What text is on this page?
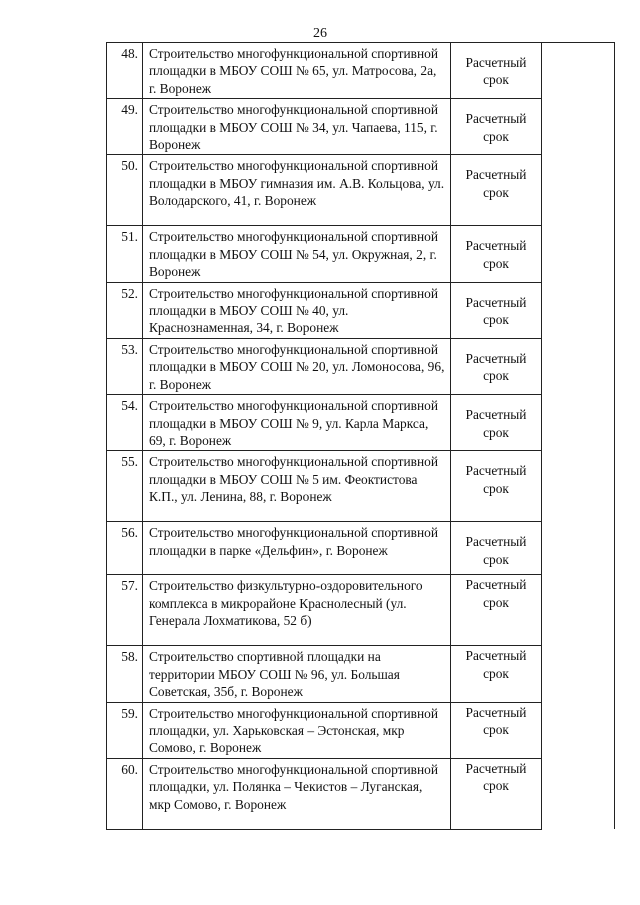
26
48.	Строительство многофункциональной спортивной площадки в МБОУ СОШ № 65, ул. Матросова, 2а, г. Воронеж	Расчетный срок	
49.	Строительство многофункциональной спортивной площадки в МБОУ СОШ № 34, ул. Чапаева, 115, г. Воронеж	Расчетный срок	
50.	Строительство многофункциональной спортивной площадки в МБОУ гимназия им. А.В. Кольцова, ул. Володарского, 41, г. Воронеж	Расчетный срок	
51.	Строительство многофункциональной спортивной площадки в МБОУ СОШ № 54, ул. Окружная, 2, г. Воронеж	Расчетный срок	
52.	Строительство многофункциональной спортивной площадки в МБОУ СОШ № 40, ул. Краснознаменная, 34, г. Воронеж	Расчетный срок	
53.	Строительство многофункциональной спортивной площадки в МБОУ СОШ № 20, ул. Ломоносова, 96, г. Воронеж	Расчетный срок	
54.	Строительство многофункциональной спортивной площадки в МБОУ СОШ № 9, ул. Карла Маркса, 69, г. Воронеж	Расчетный срок	
55.	Строительство многофункциональной спортивной площадки в МБОУ СОШ № 5 им. Феоктистова К.П., ул. Ленина, 88, г. Воронеж	Расчетный срок	
56.	Строительство многофункциональной спортивной площадки в парке «Дельфин», г. Воронеж	Расчетный срок	
57.	Строительство физкультурно-оздоровительного комплекса в микрорайоне Краснолесный (ул. Генерала Лохматикова, 52 б)	Расчетный срок	
58.	Строительство спортивной площадки на территории МБОУ СОШ № 96, ул. Большая Советская, 35б, г. Воронеж	Расчетный срок	
59.	Строительство многофункциональной спортивной площадки, ул. Харьковская – Эстонская, мкр Сомово, г. Воронеж	Расчетный срок	
60.	Строительство многофункциональной спортивной площадки, ул. Полянка – Чекистов – Луганская, мкр Сомово, г. Воронеж	Расчетный срок	
